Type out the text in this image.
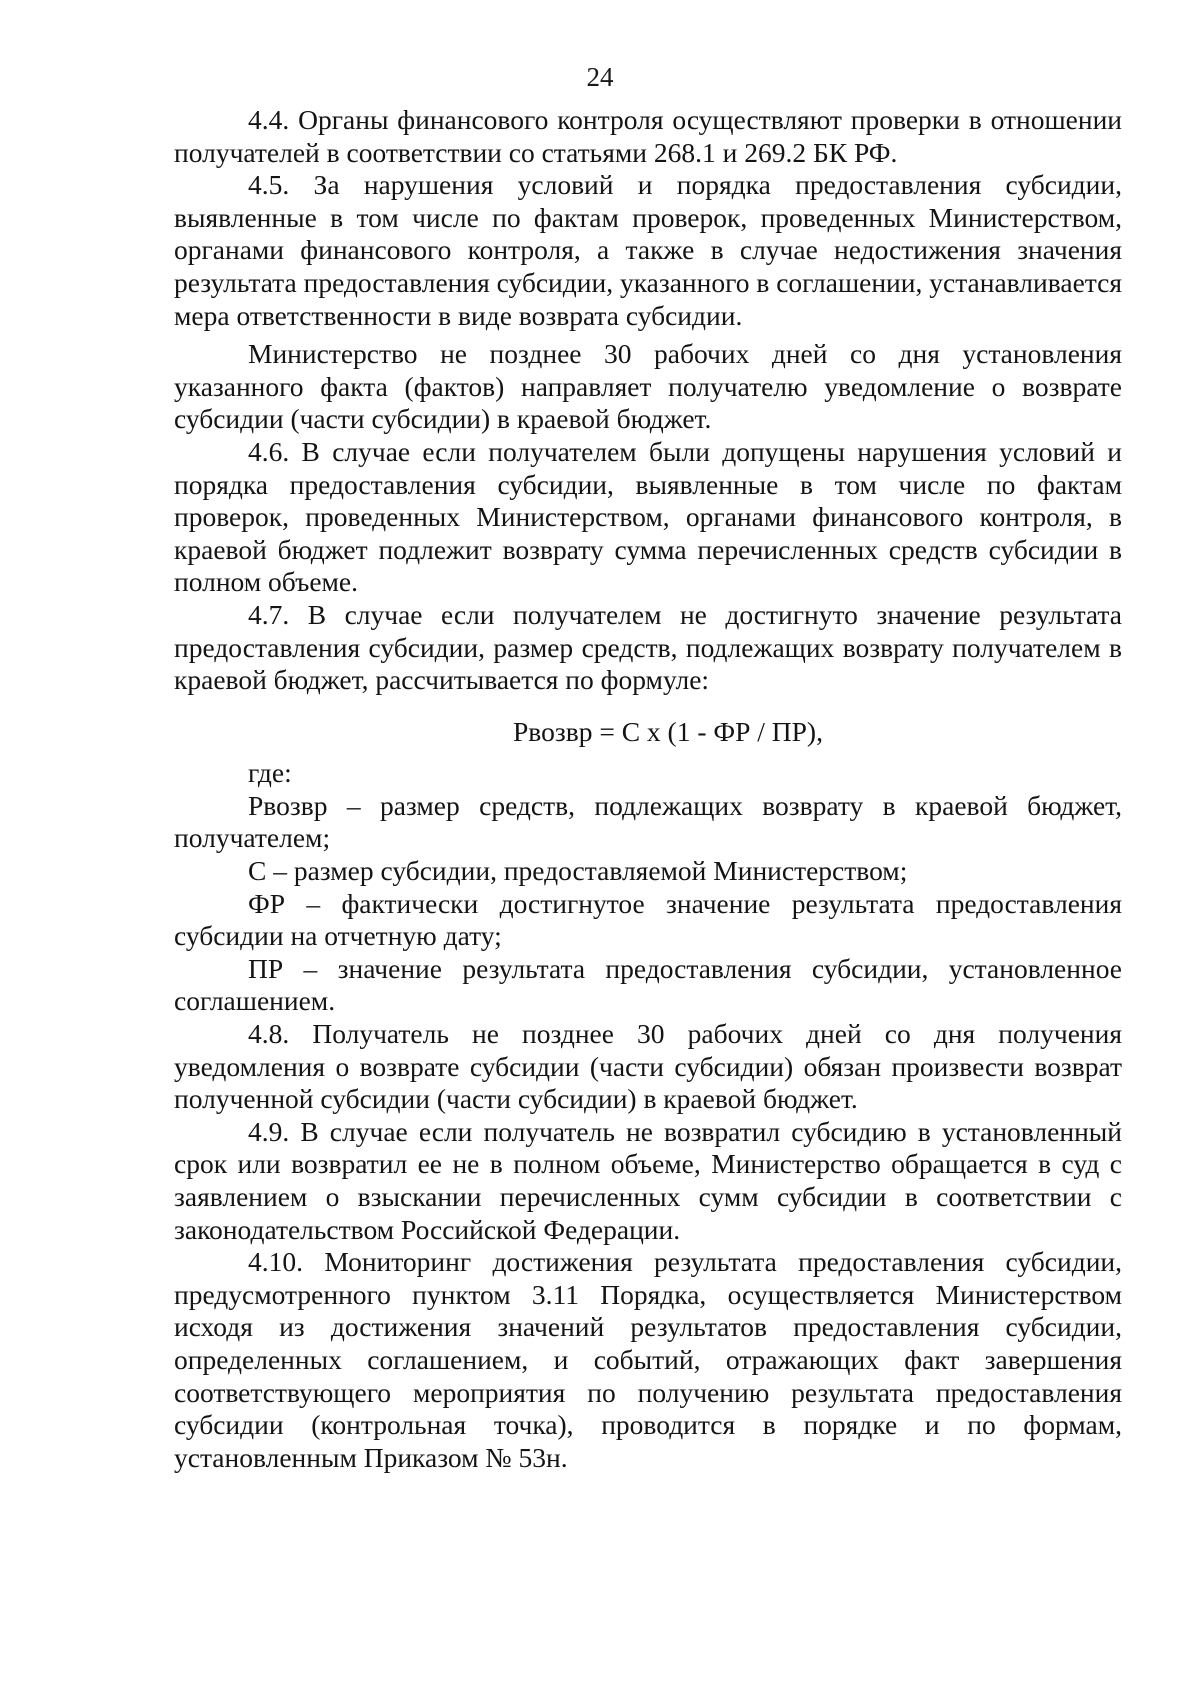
24

4.4. Органы финансового контроля осуществляют проверки в отношении получателей в соответствии со статьями 268.1 и 269.2 БК РФ.

4.5. За нарушения условий и порядка предоставления субсидии, выявленные в том числе по фактам проверок, проведенных Министерством, органами финансового контроля, а также в случае недостижения значения результата предоставления субсидии, указанного в соглашении, устанавливается мера ответственности в виде возврата субсидии.

Министерство не позднее 30 рабочих дней со дня установления указанного факта (фактов) направляет получателю уведомление о возврате субсидии (части субсидии) в краевой бюджет.

4.6. В случае если получателем были допущены нарушения условий и порядка предоставления субсидии, выявленные в том числе по фактам проверок, проведенных Министерством, органами финансового контроля, в краевой бюджет подлежит возврату сумма перечисленных средств субсидии в полном объеме.

4.7. В случае если получателем не достигнуто значение результата предоставления субсидии, размер средств, подлежащих возврату получателем в краевой бюджет, рассчитывается по формуле:

Рвозвр = С х (1 - ФР / ПР),

где:

Рвозвр – размер средств, подлежащих возврату в краевой бюджет, получателем;

С – размер субсидии, предоставляемой Министерством;

ФР – фактически достигнутое значение результата предоставления субсидии на отчетную дату;

ПР – значение результата предоставления субсидии, установленное соглашением.

4.8. Получатель не позднее 30 рабочих дней со дня получения уведомления о возврате субсидии (части субсидии) обязан произвести возврат полученной субсидии (части субсидии) в краевой бюджет.

4.9. В случае если получатель не возвратил субсидию в установленный срок или возвратил ее не в полном объеме, Министерство обращается в суд с заявлением о взыскании перечисленных сумм субсидии в соответствии с законодательством Российской Федерации.

4.10. Мониторинг достижения результата предоставления субсидии, предусмотренного пунктом 3.11 Порядка, осуществляется Министерством исходя из достижения значений результатов предоставления субсидии, определенных соглашением, и событий, отражающих факт завершения соответствующего мероприятия по получению результата предоставления субсидии (контрольная точка), проводится в порядке и по формам, установленным Приказом № 53н.
